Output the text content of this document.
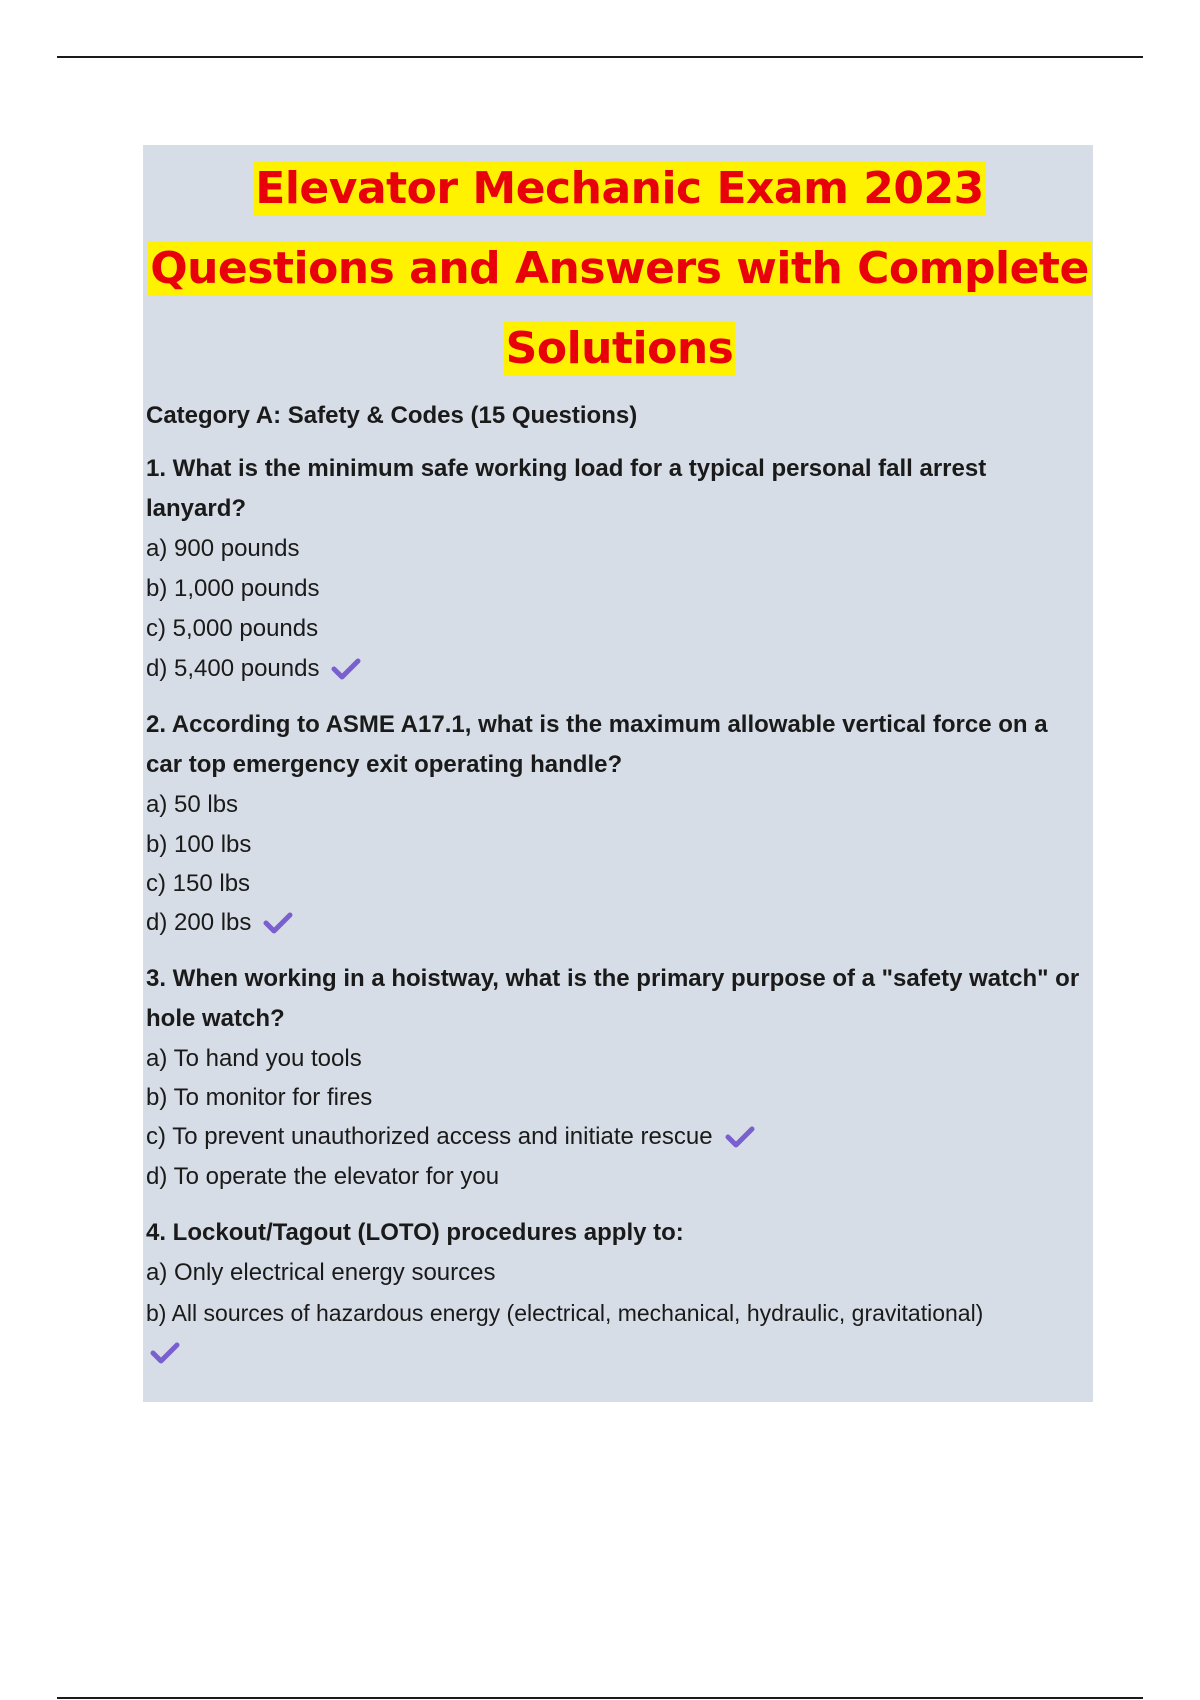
Elevator Mechanic Exam 2023
Questions and Answers with Complete
Solutions
Category A: Safety & Codes (15 Questions)
1. What is the minimum safe working load for a typical personal fall arrest lanyard?
a) 900 pounds
b) 1,000 pounds
c) 5,000 pounds
d) 5,400 pounds
2. According to ASME A17.1, what is the maximum allowable vertical force on a car top emergency exit operating handle?
a) 50 lbs
b) 100 lbs
c) 150 lbs
d) 200 lbs
3. When working in a hoistway, what is the primary purpose of a "safety watch" or hole watch?
a) To hand you tools
b) To monitor for fires
c) To prevent unauthorized access and initiate rescue
d) To operate the elevator for you
4. Lockout/Tagout (LOTO) procedures apply to:
a) Only electrical energy sources
b) All sources of hazardous energy (electrical, mechanical, hydraulic, gravitational)
